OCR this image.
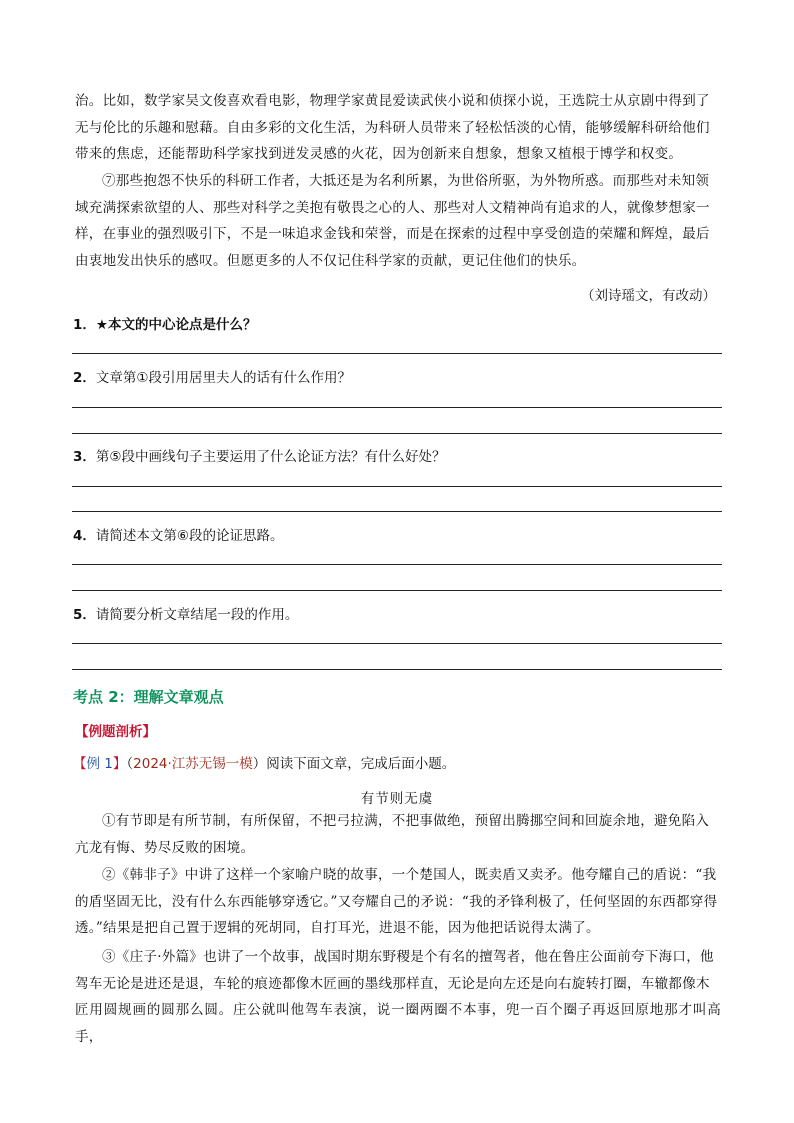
治。比如，数学家吴文俊喜欢看电影，物理学家黄昆爱读武侠小说和侦探小说，王选院士从京剧中得到了
无与伦比的乐趣和慰藉。自由多彩的文化生活，为科研人员带来了轻松恬淡的心情，能够缓解科研给他们
带来的焦虑，还能帮助科学家找到迸发灵感的火花，因为创新来自想象，想象又植根于博学和权变。
⑦那些抱怨不快乐的科研工作者，大抵还是为名利所累，为世俗所驱，为外物所惑。而那些对未知领
域充满探索欲望的人、那些对科学之美抱有敬畏之心的人、那些对人文精神尚有追求的人，就像梦想家一
样，在事业的强烈吸引下，不是一味追求金钱和荣誉，而是在探索的过程中享受创造的荣耀和辉煌，最后
由衷地发出快乐的感叹。但愿更多的人不仅记住科学家的贡献，更记住他们的快乐。
（刘诗瑶文，有改动）
1．★本文的中心论点是什么？
2．文章第①段引用居里夫人的话有什么作用？
3．第⑤段中画线句子主要运用了什么论证方法？有什么好处？
4．请简述本文第⑥段的论证思路。
5．请简要分析文章结尾一段的作用。
考点 2：理解文章观点
【例题剖析】
【例 1】（2024·江苏无锡一模）阅读下面文章，完成后面小题。
有节则无虞
①有节即是有所节制，有所保留，不把弓拉满，不把事做绝，预留出腾挪空间和回旋余地，避免陷入
亢龙有悔、势尽反败的困境。
②《韩非子》中讲了这样一个家喻户晓的故事，一个楚国人，既卖盾又卖矛。他夸耀自己的盾说：“我
的盾坚固无比，没有什么东西能够穿透它。”又夸耀自己的矛说：“我的矛锋利极了，任何坚固的东西都穿得
透。”结果是把自己置于逻辑的死胡同，自打耳光，进退不能，因为他把话说得太满了。
③《庄子·外篇》也讲了一个故事，战国时期东野稷是个有名的擅驾者，他在鲁庄公面前夸下海口，他
驾车无论是进还是退，车轮的痕迹都像木匠画的墨线那样直，无论是向左还是向右旋转打圈，车辙都像木
匠用圆规画的圆那么圆。庄公就叫他驾车表演，说一圈两圈不本事，兜一百个圈子再返回原地那才叫高手，
